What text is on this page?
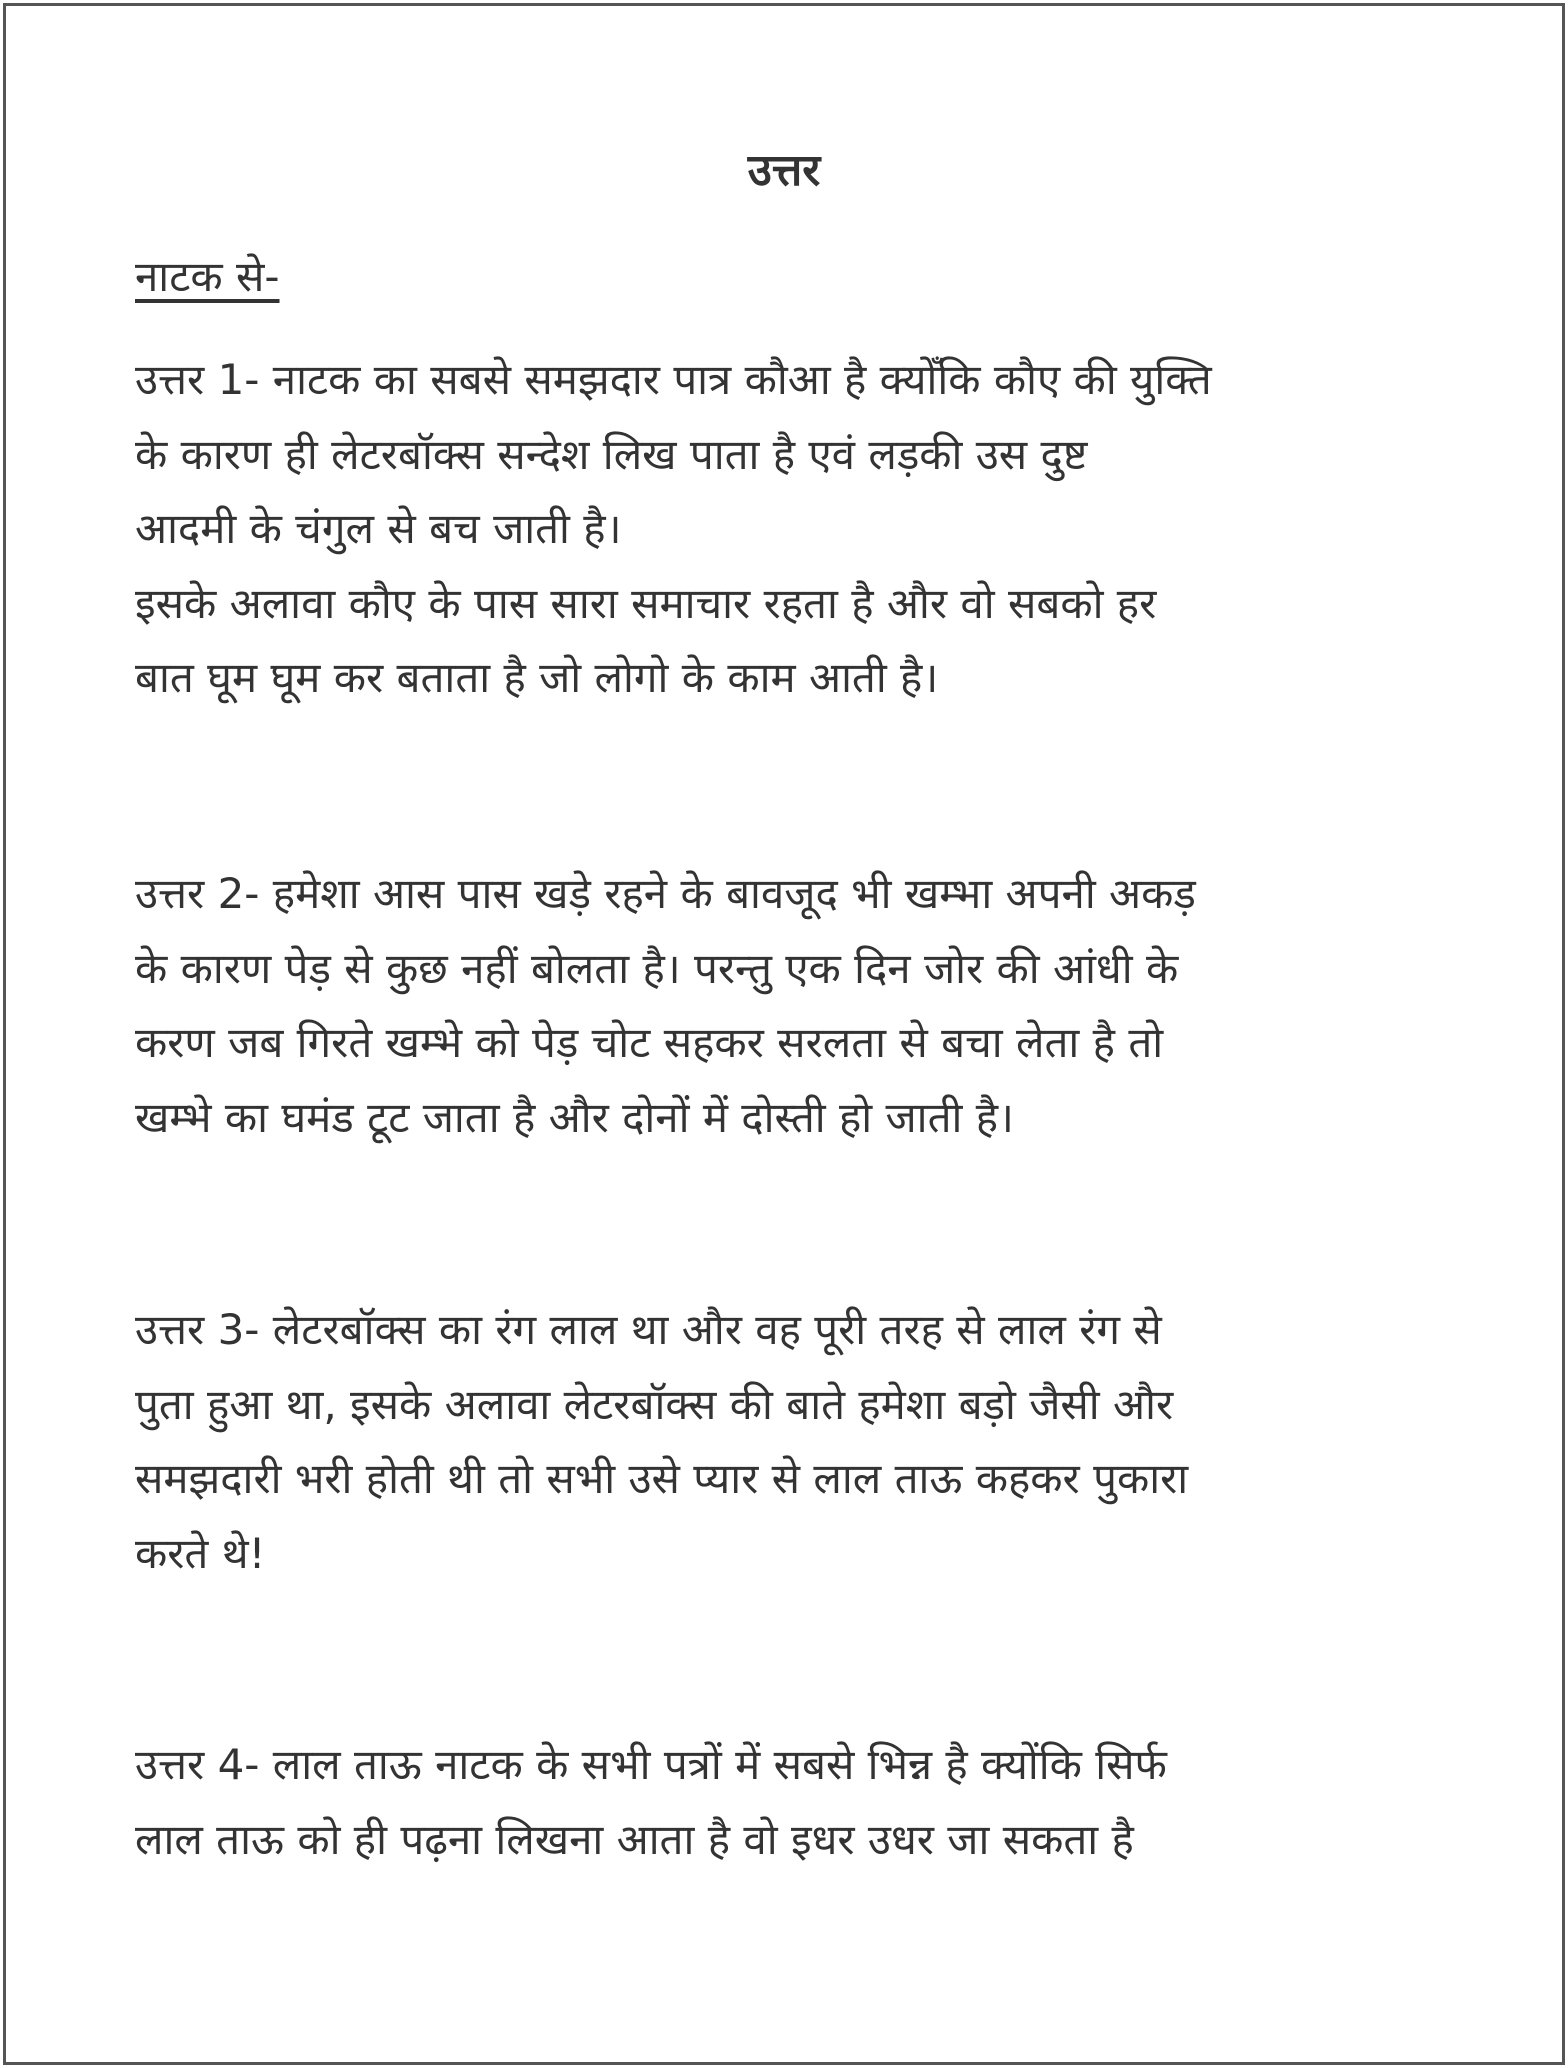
उत्तर
नाटक से-
उत्तर 1- नाटक का सबसे समझदार पात्र कौआ है क्योँकि कौए की युक्ति
के कारण ही लेटरबॉक्स सन्देश लिख पाता है एवं लड़की उस दुष्ट
आदमी के चंगुल से बच जाती है।
इसके अलावा कौए के पास सारा समाचार रहता है और वो सबको हर
बात घूम घूम कर बताता है जो लोगो के काम आती है।
उत्तर 2- हमेशा आस पास खड़े रहने के बावजूद भी खम्भा अपनी अकड़
के कारण पेड़ से कुछ नहीं बोलता है। परन्तु एक दिन जोर की आंधी के
करण जब गिरते खम्भे को पेड़ चोट सहकर सरलता से बचा लेता है तो
खम्भे का घमंड टूट जाता है और दोनों में दोस्ती हो जाती है।
उत्तर 3- लेटरबॉक्स का रंग लाल था और वह पूरी तरह से लाल रंग से
पुता हुआ था, इसके अलावा लेटरबॉक्स की बाते हमेशा बड़ो जैसी और
समझदारी भरी होती थी तो सभी उसे प्यार से लाल ताऊ कहकर पुकारा
करते थे!
उत्तर 4- लाल ताऊ नाटक के सभी पत्रों में सबसे भिन्न है क्योंकि सिर्फ
लाल ताऊ को ही पढ़ना लिखना आता है वो इधर उधर जा सकता है
